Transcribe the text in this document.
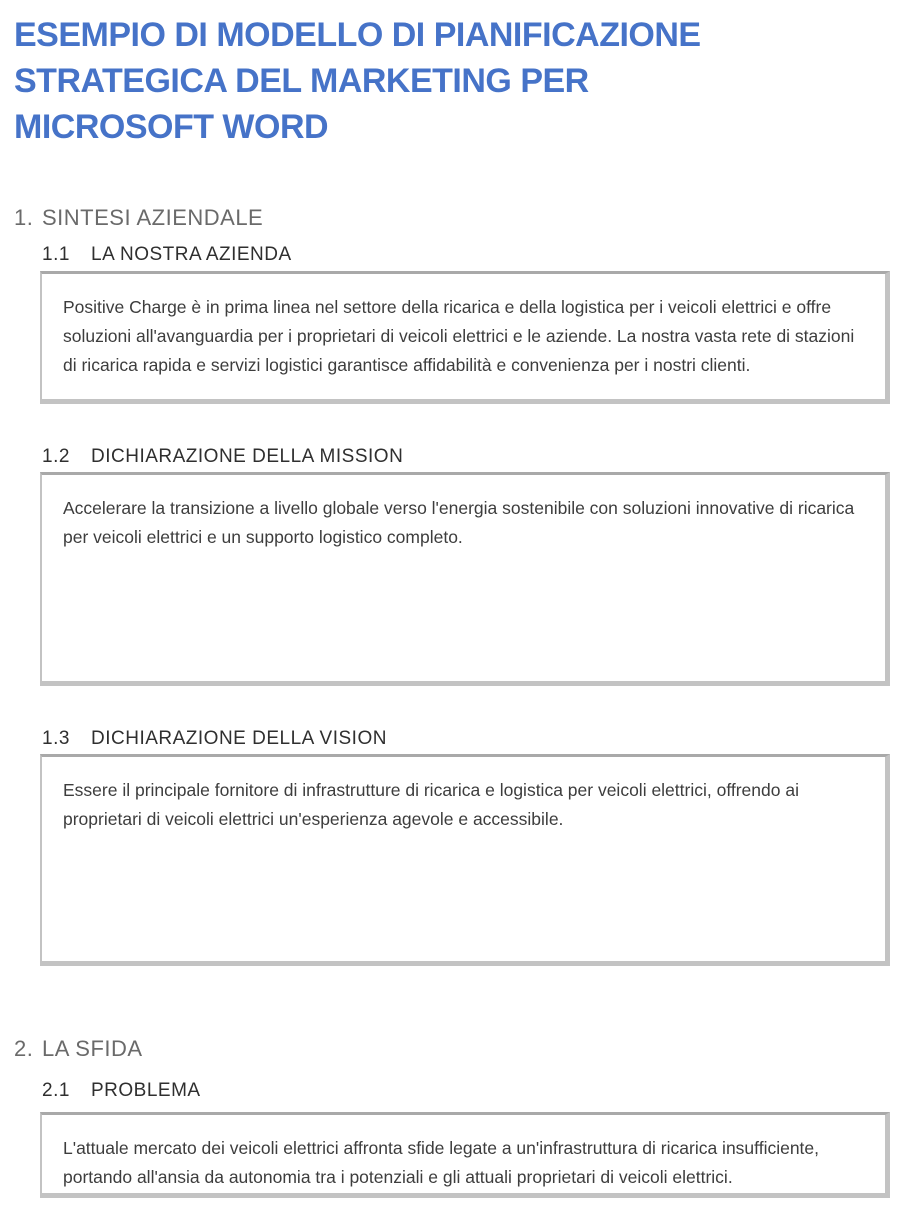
ESEMPIO DI MODELLO DI PIANIFICAZIONE
STRATEGICA DEL MARKETING PER
MICROSOFT WORD
1. SINTESI AZIENDALE
1.1 LA NOSTRA AZIENDA

Positive Charge è in prima linea nel settore della ricarica e della logistica per i veicoli elettrici e offre soluzioni all'avanguardia per i proprietari di veicoli elettrici e le aziende. La nostra vasta rete di stazioni di ricarica rapida e servizi logistici garantisce affidabilità e convenienza per i nostri clienti.

1.2 DICHIARAZIONE DELLA MISSION

Accelerare la transizione a livello globale verso l'energia sostenibile con soluzioni innovative di ricarica per veicoli elettrici e un supporto logistico completo.

1.3 DICHIARAZIONE DELLA VISION

Essere il principale fornitore di infrastrutture di ricarica e logistica per veicoli elettrici, offrendo ai proprietari di veicoli elettrici un'esperienza agevole e accessibile.

2. LA SFIDA
2.1 PROBLEMA

L'attuale mercato dei veicoli elettrici affronta sfide legate a un'infrastruttura di ricarica insufficiente, portando all'ansia da autonomia tra i potenziali e gli attuali proprietari di veicoli elettrici.
